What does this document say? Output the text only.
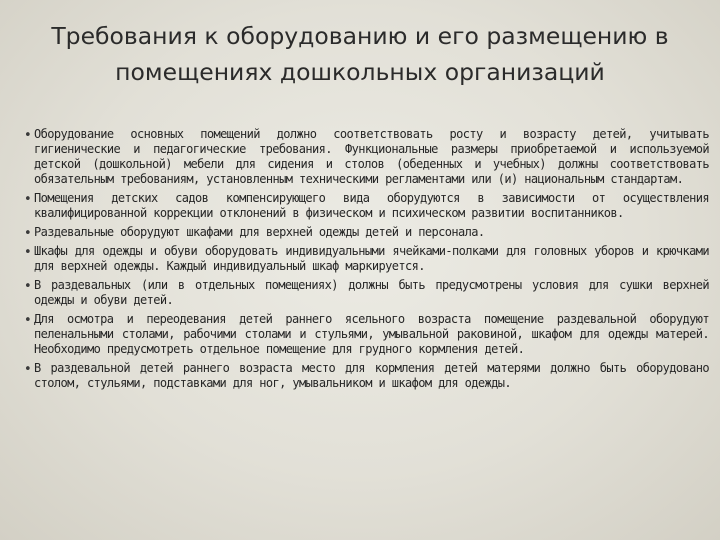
Требования к оборудованию и его размещению в помещениях дошкольных организаций
• Оборудование основных помещений должно соответствовать росту и возрасту детей, учитывать гигиенические и педагогические требования. Функциональные размеры приобретаемой и используемой детской (дошкольной) мебели для сидения и столов (обеденных и учебных) должны соответствовать обязательным требованиям, установленным техническими регламентами или (и) национальным стандартам.
• Помещения детских садов компенсирующего вида оборудуются в зависимости от осуществления квалифицированной коррекции отклонений в физическом и психическом развитии воспитанников.
• Раздевальные оборудуют шкафами для верхней одежды детей и персонала.
• Шкафы для одежды и обуви оборудовать индивидуальными ячейками-полками для головных уборов и крючками для верхней одежды. Каждый индивидуальный шкаф маркируется.
• В раздевальных (или в отдельных помещениях) должны быть предусмотрены условия для сушки верхней одежды и обуви детей.
• Для осмотра и переодевания детей раннего ясельного возраста помещение раздевальной оборудуют пеленальными столами, рабочими столами и стульями, умывальной раковиной, шкафом для одежды матерей. Необходимо предусмотреть отдельное помещение для грудного кормления детей.
• В раздевальной детей раннего возраста место для кормления детей матерями должно быть оборудовано столом, стульями, подставками для ног, умывальником и шкафом для одежды.
